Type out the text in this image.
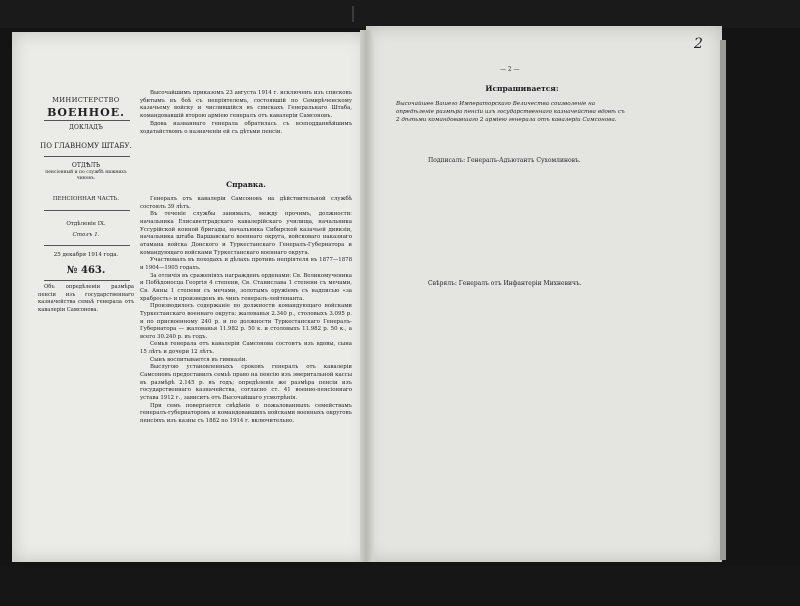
2
МИНИСТЕРСТВО
ВОЕННОЕ.
ДОКЛАДЪ
ПО ГЛАВНОМУ ШТАБУ.
ОТДѢЛЪ
пенсiонный и по службѣ нижнихъ чиновъ.
ПЕНСIОННАЯ ЧАСТЬ.
Отдѣленiе IX.
Столъ 1.
25 декабря 1914 года.
№ 463.
Объ опредѣленiи размѣра пенсiи изъ государственнаго казначейства семьѣ генерала отъ кавалерiи Самсонова.

Высочайшимъ приказомъ 23 августа 1914 г. исключенъ изъ списковъ убитымъ въ боѣ съ непрiятелемъ, состоявшiй по Семирѣченскому казачьему войску и числившiйся въ спискахъ Генеральнаго Штаба, командовавшiй второю армiею генералъ отъ кавалерiи Самсоновъ.

Вдова названнаго генерала обратилась съ всеподданнѣйшимъ ходатайствомъ о назначенiи ей съ дѣтьми пенсiи.

Справка.

Генералъ отъ кавалерiи Самсоновъ на дѣйствительной службѣ состоялъ 39 лѣтъ.

Въ теченiе службы занималъ, между прочимъ, должности: начальника Елисаветградскаго кавалерiйскаго училища, начальника Уссурiйской конной бригады, начальника Сибирской казачьей дивизiи, начальника штаба Варшавскаго военнаго округа, войсковаго наказнаго атамана войска Донского и Туркестанскаго Генералъ-Губернатора и командующаго войсками Туркестанскаго военнаго округа.

Участвовалъ въ походахъ и дѣлахъ противъ непрiятеля въ 1877—1878 и 1904—1905 годахъ.

За отличiя въ сраженiяхъ награжденъ орденами: Св. Великомученика и Побѣдоносца Георгiя 4 степени, Св. Станислава 1 степени съ мечами, Св. Анны 1 степени съ мечами, золотымъ оружiемъ съ надписью «за храбрость» и произведенъ въ чинъ генералъ-лейтенанта.

Производилось содержанiе по должности командующаго войсками Туркестанскаго военнаго округа: жалованья 2.340 р., столовыхъ 3.095 р. и по присвоенному 240 р. и по должности Туркестанскаго Генералъ-Губернатора — жалованья 11.982 р. 50 к. и столовыхъ 11.982 р. 50 к., а всего 30.240 р. въ годъ.

Семья генерала отъ кавалерiи Самсонова состоитъ изъ вдовы, сына 15 лѣтъ и дочери 12 лѣтъ.

Сынъ воспитывается въ гимназiи.

Выслугою установленныхъ сроковъ генералъ отъ кавалерiи Самсоновъ предоставилъ семьѣ право на пенсiю изъ эмеритальной кассы въ размѣрѣ 2.145 р. въ годъ; опредѣленiе же размѣра пенсiи изъ государственнаго казначейства, согласно ст. 41 военно-пенсiоннаго устава 1912 г., зависитъ отъ Высочайшаго усмотрѣнiя.

При семъ повергается свѣдѣнiе о пожалованныхъ семействамъ генералъ-губернаторовъ и командовавшихъ войсками военныхъ округовъ пенсiяхъ изъ казны съ 1882 по 1914 г. включительно.

— 2 —
Испрашивается:
Высочайшее Вашего Императорскаго Величества соизволенiе на опредѣленiе размѣра пенсiи изъ государственнаго казначейства вдовѣ съ 2 дѣтьми командовавшаго 2 армiею генерала отъ кавалерiи Самсонова.
Подписалъ: Генералъ-Адъютантъ Сухомлиновъ.
Свѣрялъ: Генералъ отъ Инфантерiи Михневичъ.
